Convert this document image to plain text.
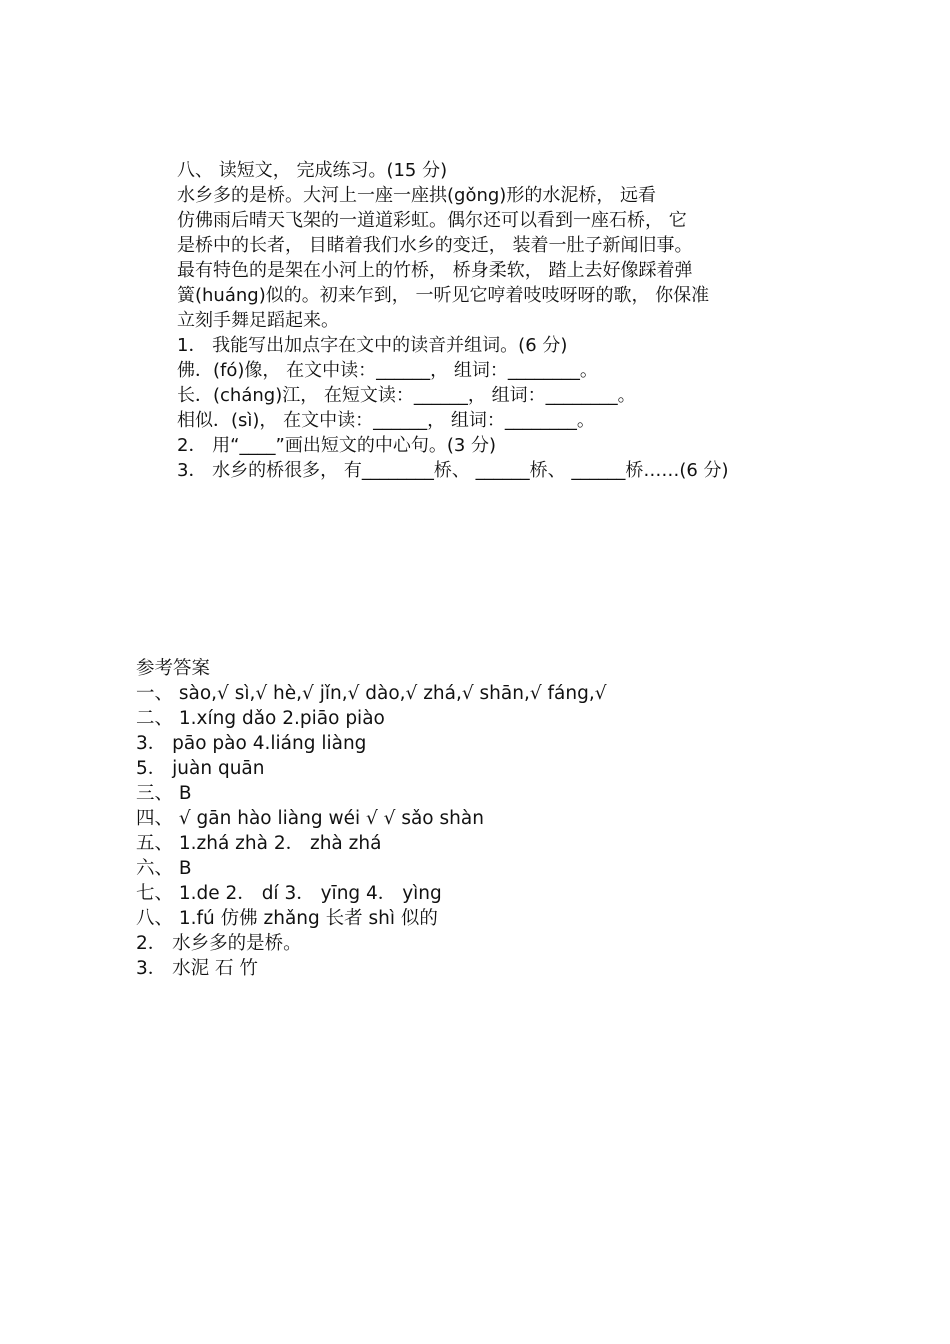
八、 读短文， 完成练习。(15 分)
水乡多的是桥。大河上一座一座拱(gǒng)形的水泥桥， 远看
仿佛雨后晴天飞架的一道道彩虹。偶尔还可以看到一座石桥， 它
是桥中的长者， 目睹着我们水乡的变迁， 装着一肚子新闻旧事。
最有特色的是架在小河上的竹桥， 桥身柔软， 踏上去好像踩着弹
簧(huáng)似的。初来乍到， 一听见它哼着吱吱呀呀的歌， 你保准
立刻手舞足蹈起来。
1． 我能写出加点字在文中的读音并组词。(6 分)
佛．(fó)像， 在文中读：______， 组词：________。
长．(cháng)江， 在短文读：______， 组词：________。
相似．(sì)， 在文中读：______， 组词：________。
2． 用“____”画出短文的中心句。(3 分)
3． 水乡的桥很多， 有________桥、 ______桥、 ______桥……(6 分)
参考答案
一、 sào,√ sì,√ hè,√ jǐn,√ dào,√ zhá,√ shān,√ fáng,√
二、 1.xíng dǎo 2.piāo piào
3． pāo pào 4.liáng liàng
5． juàn quān
三、 B
四、 √ gān hào liàng wéi √ √ sǎo shàn
五、 1.zhá zhà 2． zhà zhá
六、 B
七、 1.de 2． dí 3． yīng 4． yìng
八、 1.fú 仿佛 zhǎng 长者 shì 似的
2． 水乡多的是桥。
3． 水泥 石 竹
